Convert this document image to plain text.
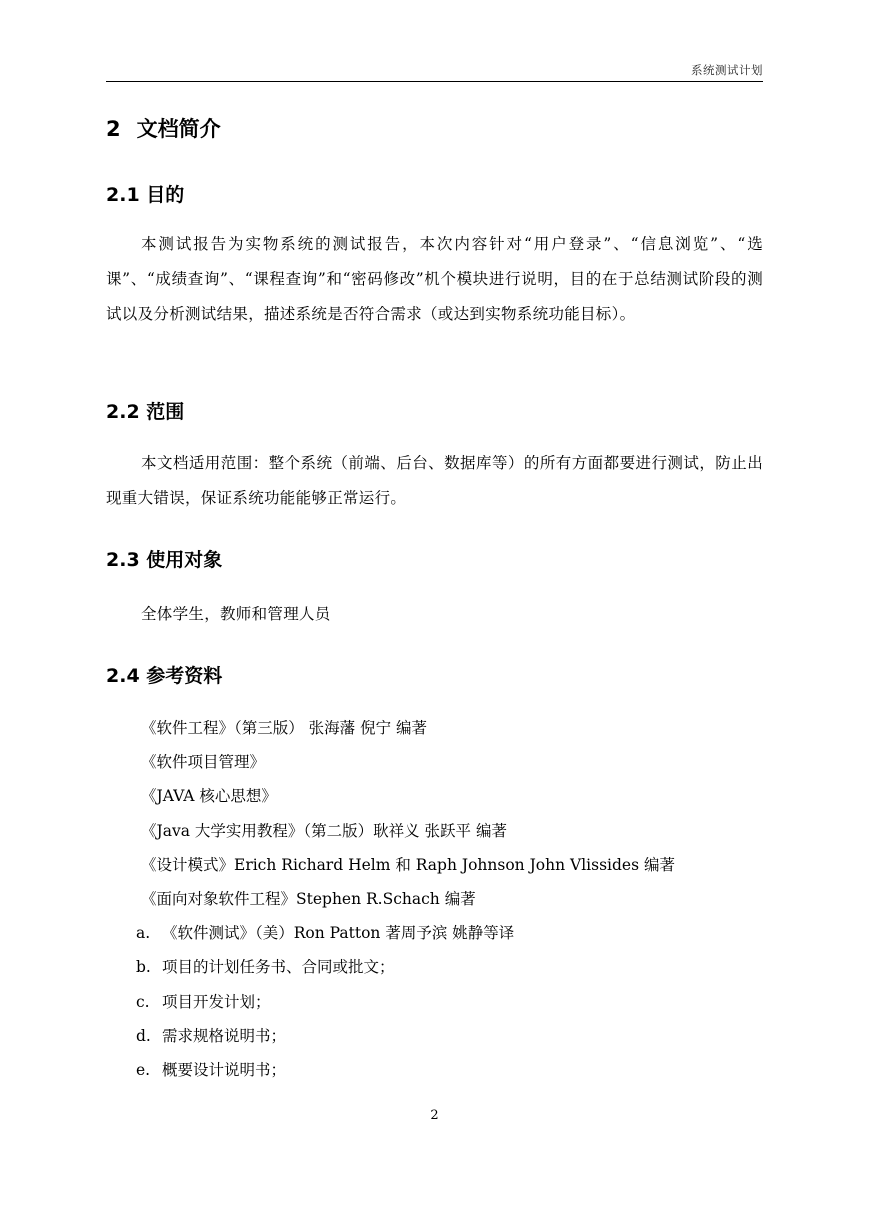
系统测试计划
2 文档简介
2.1 目的
本测试报告为实物系统的测试报告，本次内容针对“用户登录”、“信息浏览”、“选课”、“成绩查询”、“课程查询”和“密码修改”机个模块进行说明，目的在于总结测试阶段的测试以及分析测试结果，描述系统是否符合需求（或达到实物系统功能目标）。
2.2 范围
本文档适用范围：整个系统（前端、后台、数据库等）的所有方面都要进行测试，防止出现重大错误，保证系统功能能够正常运行。
2.3 使用对象
全体学生，教师和管理人员
2.4 参考资料
《软件工程》（第三版） 张海藩 倪宁 编著
《软件项目管理》
《JAVA 核心思想》
《Java 大学实用教程》（第二版）耿祥义 张跃平 编著
《设计模式》Erich Richard Helm 和 Raph Johnson John Vlissides 编著
《面向对象软件工程》Stephen R.Schach 编著
a. 《软件测试》（美）Ron Patton 著周予滨 姚静等译
b. 项目的计划任务书、合同或批文；
c. 项目开发计划；
d. 需求规格说明书；
e. 概要设计说明书；
2
